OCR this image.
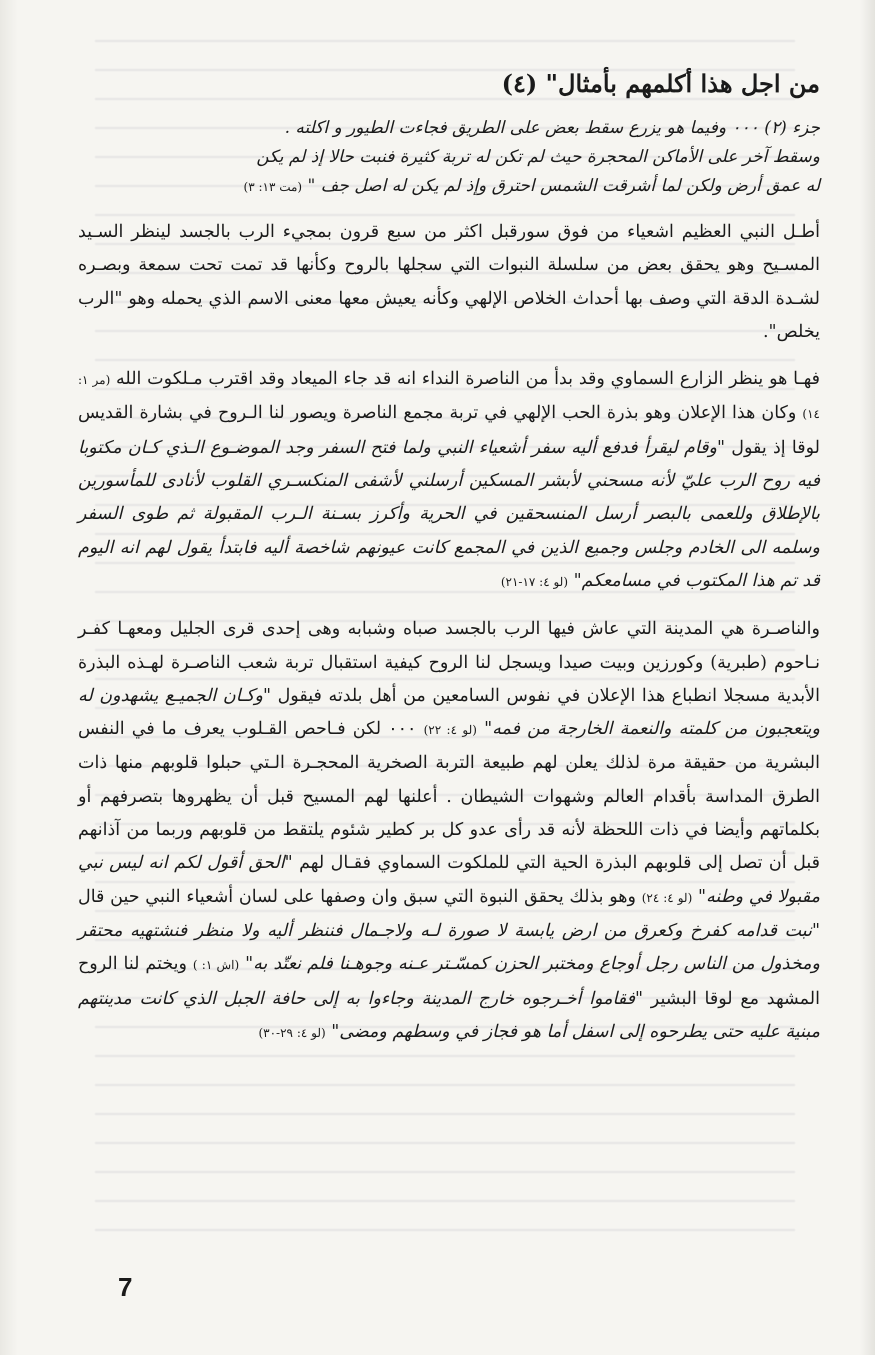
من اجل هذا أكلمهم بأمثال" (٤)

جزء (٢) ٠٠٠ وفيما هو يزرع سقط بعض على الطريق فجاءت الطيور و اكلته .
وسقط آخر على الأماكن المحجرة حيث لم تكن له تربة كثيرة فنبت حالا إذ لم يكن
له عمق أرض ولكن لما أشرقت الشمس احترق وإذ لم يكن له اصل جف " (مت ١٣: ٣)

أطـل النبي العظيم اشعياء من فوق سورقبل اكثر من سبع قرون بمجيء الرب بالجسد لينظر السـيد المسـيح وهو يحقق بعض من سلسلة النبوات التي سجلها بالروح وكأنها قد تمت تحت سمعة وبصـره لشـدة الدقة التي وصف بها أحداث الخلاص الإلهي وكأنه يعيش معها معنى الاسم الذي يحمله وهو "الرب يخلص".

فهـا هو ينظر الزارع السماوي وقد بدأ من الناصرة النداء انه قد جاء الميعاد وقد اقترب مـلكوت الله (مر ١: ١٤) وكان هذا الإعلان وهو بذرة الحب الإلهي في تربة مجمع الناصرة ويصور لنا الـروح في بشارة القديس لوقا إذ يقول "وقام ليقرأ فدفع أليه سفر أشعياء النبي ولما فتح السفر وجد الموضـوع الـذي كـان مكتوبا فيه روح الرب عليّ لأنه مسحني لأبشر المسكين أرسلني لأشفى المنكسـري القلوب لأنادى للمأسورين بالإطلاق وللعمى بالبصر أرسل المنسحقين في الحرية وأكرز بسـنة الـرب المقبولة ثم طوى السفر وسلمه الى الخادم وجلس وجميع الذين في المجمع كانت عيونهم شاخصة أليه فابتدأ يقول لهم انه اليوم قد تم هذا المكتوب في مسامعكم" (لو ٤: ١٧-٢١)

والناصـرة هي المدينة التي عاش فيها الرب بالجسد صباه وشبابه وهى إحدى قرى الجليل ومعهـا كفـر نـاحوم (طبرية) وكورزين وبيت صيدا ويسجل لنا الروح كيفية استقبال تربة شعب الناصـرة لهـذه البذرة الأبدية مسجلا انطباع هذا الإعلان في نفوس السامعين من أهل بلدته فيقول "وكـان الجميـع يشهدون له ويتعجبون من كلمته والنعمة الخارجة من فمه" (لو ٤: ٢٢) ٠٠٠ لكن فـاحص القـلوب يعرف ما في النفس البشرية من حقيقة مرة لذلك يعلن لهم طبيعة التربة الصخرية المحجـرة الـتي حبلوا قلوبهم منها ذات الطرق المداسة بأقدام العالم وشهوات الشيطان . أعلنها لهم المسيح قبل أن يظهروها بتصرفهم أو بكلماتهم وأيضا في ذات اللحظة لأنه قد رأى عدو كل بر كطير شئوم يلتقط من قلوبهم وربما من آذانهم قبل أن تصل إلى قلوبهم البذرة الحية التي للملكوت السماوي فقـال لهم "الحق أقول لكم انه ليس نبي مقبولا في وطنه" (لو ٤: ٢٤) وهو بذلك يحقق النبوة التي سبق وان وصفها على لسان أشعياء النبي حين قال "نبت قدامه كفرخ وكعرق من ارض يابسة لا صورة لـه ولاجـمال فننظر أليه ولا منظر فنشتهيه محتقر ومخذول من الناس رجل أوجاع ومختبر الحزن كمسّـتر عـنه وجوهـنا فلم نعتّد به" (اش ١: ) ويختم لنا الروح المشهد مع لوقا البشير "فقاموا أخـرجوه خارج المدينة وجاءوا به إلى حافة الجبل الذي كانت مدينتهم مبنية عليه حتى يطرحوه إلى اسفل أما هو فجاز في وسطهم ومضى" (لو ٤: ٢٩-٣٠)

7
